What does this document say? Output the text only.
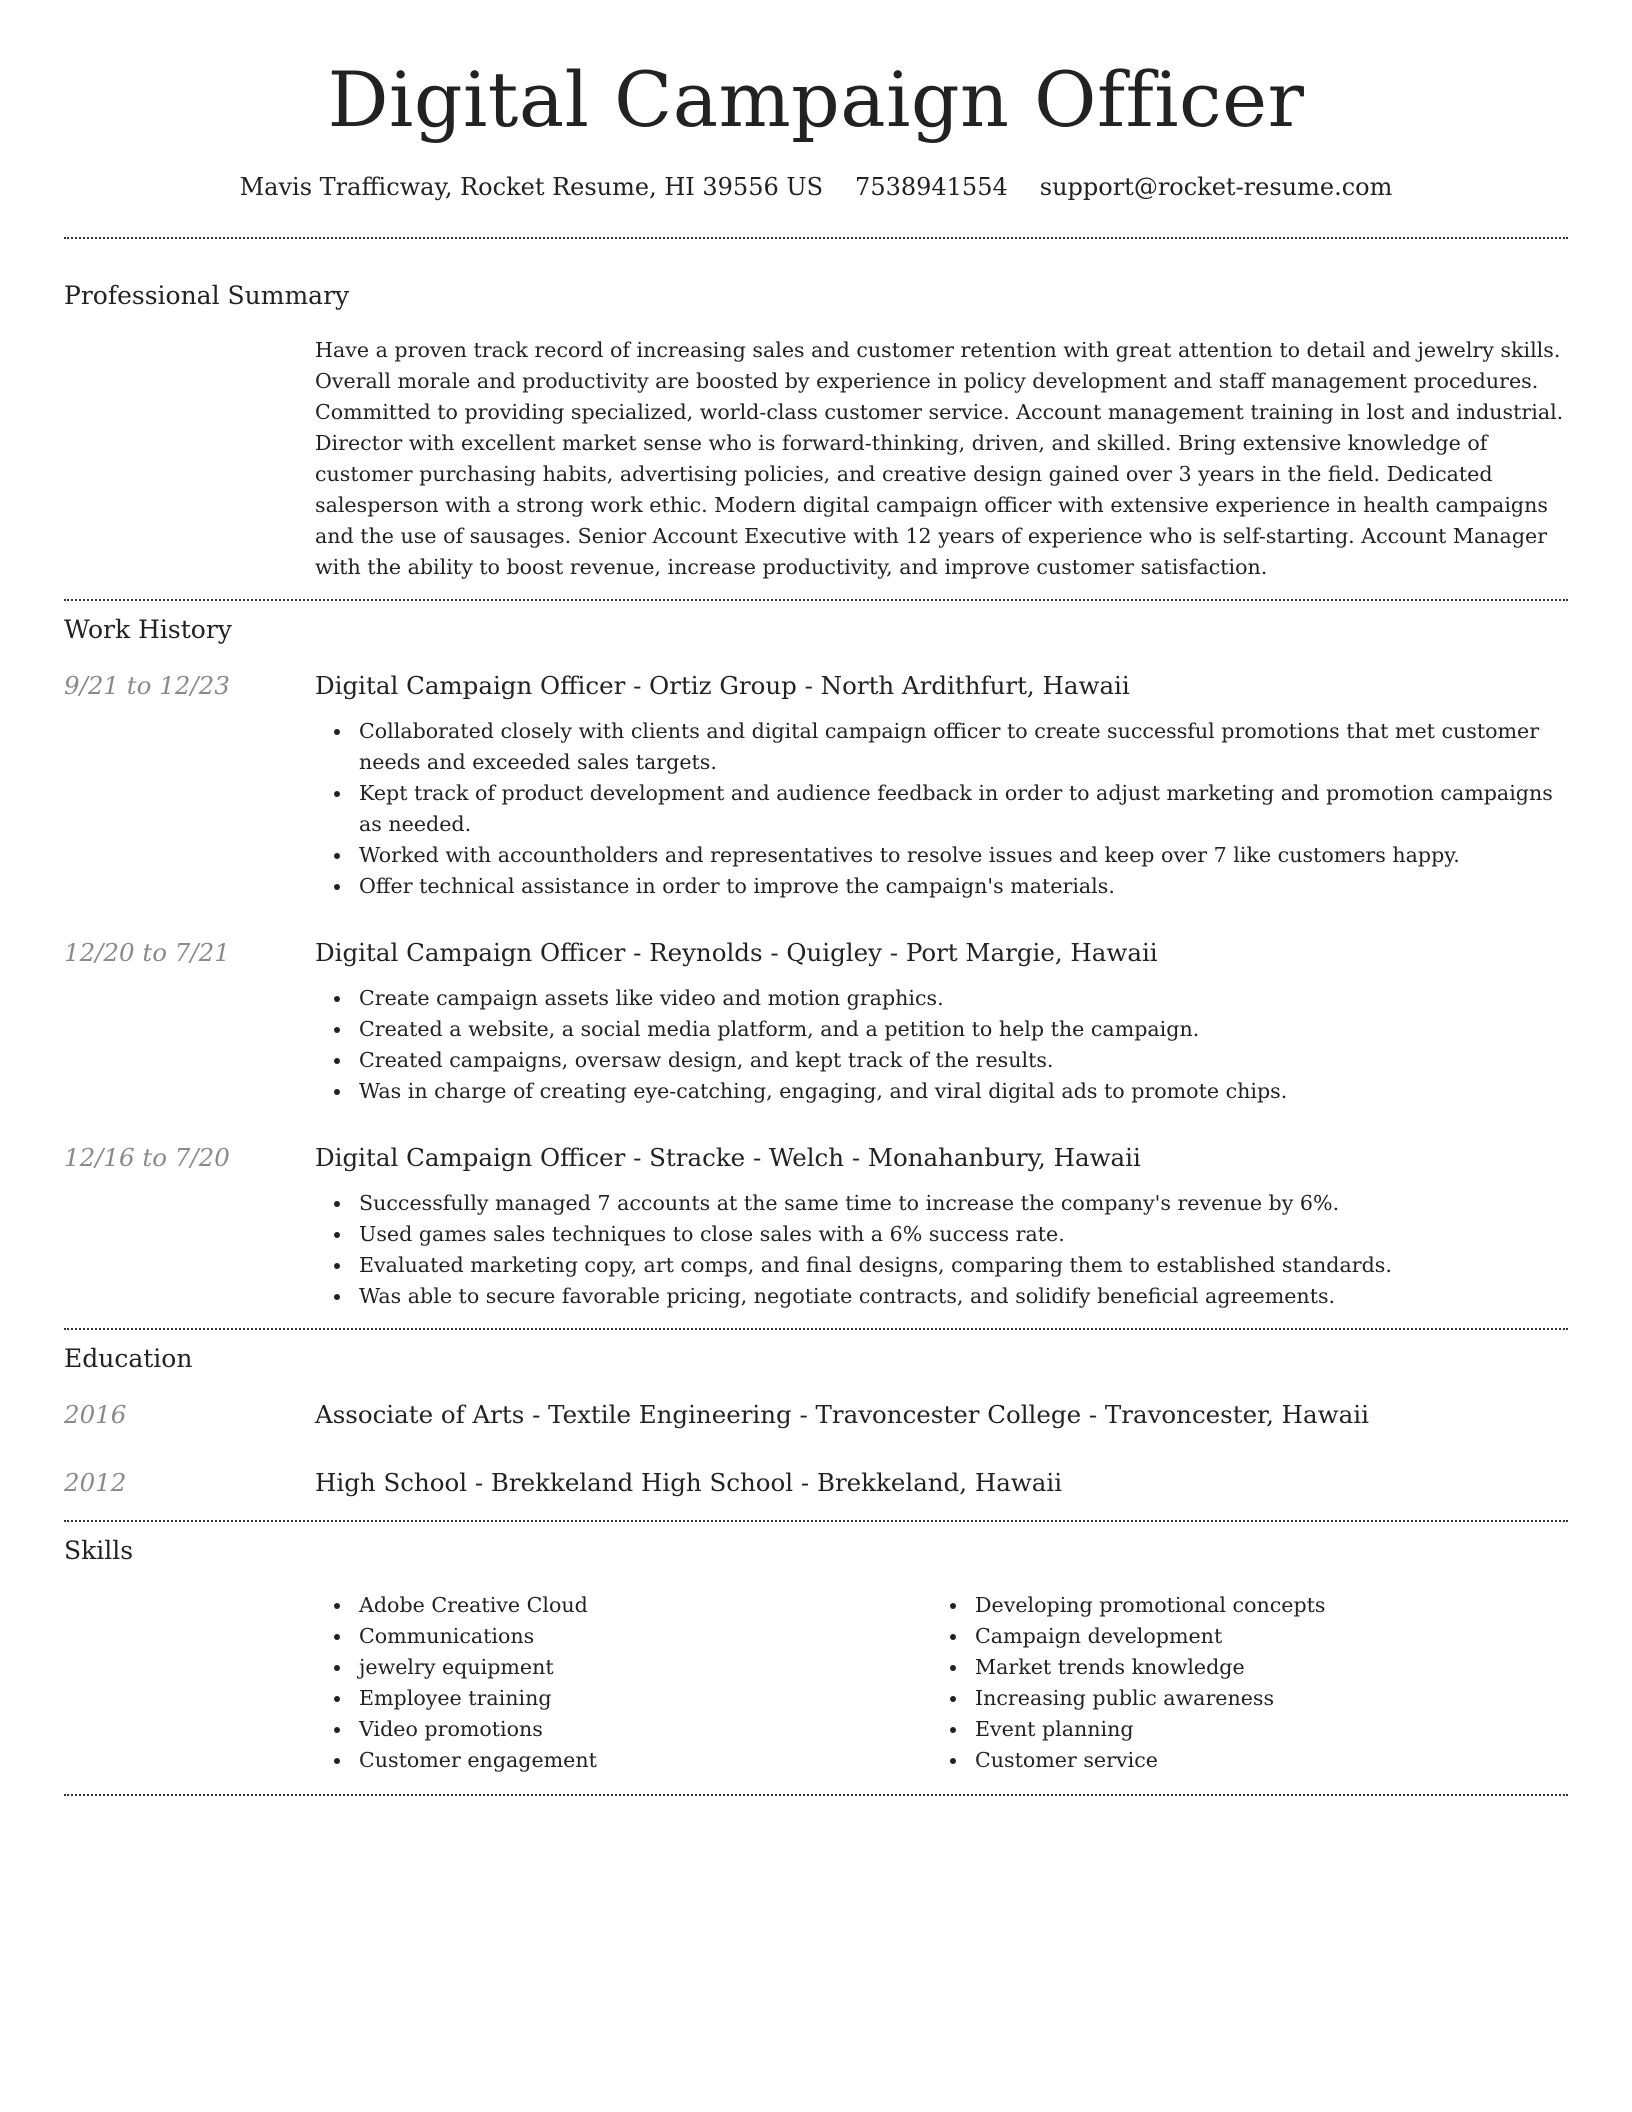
Digital Campaign Officer
Mavis Trafficway, Rocket Resume, HI 39556 US 7538941554 support@rocket-resume.com
Professional Summary

Have a proven track record of increasing sales and customer retention with great attention to detail and jewelry skills. Overall morale and productivity are boosted by experience in policy development and staff management procedures. Committed to providing specialized, world-class customer service. Account management training in lost and industrial. Director with excellent market sense who is forward-thinking, driven, and skilled. Bring extensive knowledge of customer purchasing habits, advertising policies, and creative design gained over 3 years in the field. Dedicated salesperson with a strong work ethic. Modern digital campaign officer with extensive experience in health campaigns and the use of sausages. Senior Account Executive with 12 years of experience who is self-starting. Account Manager with the ability to boost revenue, increase productivity, and improve customer satisfaction.

Work History
9/21 to 12/23	Digital Campaign Officer - Ortiz Group - North Ardithfurt, Hawaii
Collaborated closely with clients and digital campaign officer to create successful promotions that met customer needs and exceeded sales targets.
Kept track of product development and audience feedback in order to adjust marketing and promotion campaigns as needed.
Worked with accountholders and representatives to resolve issues and keep over 7 like customers happy.
Offer technical assistance in order to improve the campaign's materials.
12/20 to 7/21	Digital Campaign Officer - Reynolds - Quigley - Port Margie, Hawaii
Create campaign assets like video and motion graphics.
Created a website, a social media platform, and a petition to help the campaign.
Created campaigns, oversaw design, and kept track of the results.
Was in charge of creating eye-catching, engaging, and viral digital ads to promote chips.
12/16 to 7/20	Digital Campaign Officer - Stracke - Welch - Monahanbury, Hawaii
Successfully managed 7 accounts at the same time to increase the company's revenue by 6%.
Used games sales techniques to close sales with a 6% success rate.
Evaluated marketing copy, art comps, and final designs, comparing them to established standards.
Was able to secure favorable pricing, negotiate contracts, and solidify beneficial agreements.
Education
2016	Associate of Arts - Textile Engineering - Travoncester College - Travoncester, Hawaii
2012	High School - Brekkeland High School - Brekkeland, Hawaii
Skills
Adobe Creative Cloud
Communications
jewelry equipment
Employee training
Video promotions
Customer engagement
Developing promotional concepts
Campaign development
Market trends knowledge
Increasing public awareness
Event planning
Customer service
